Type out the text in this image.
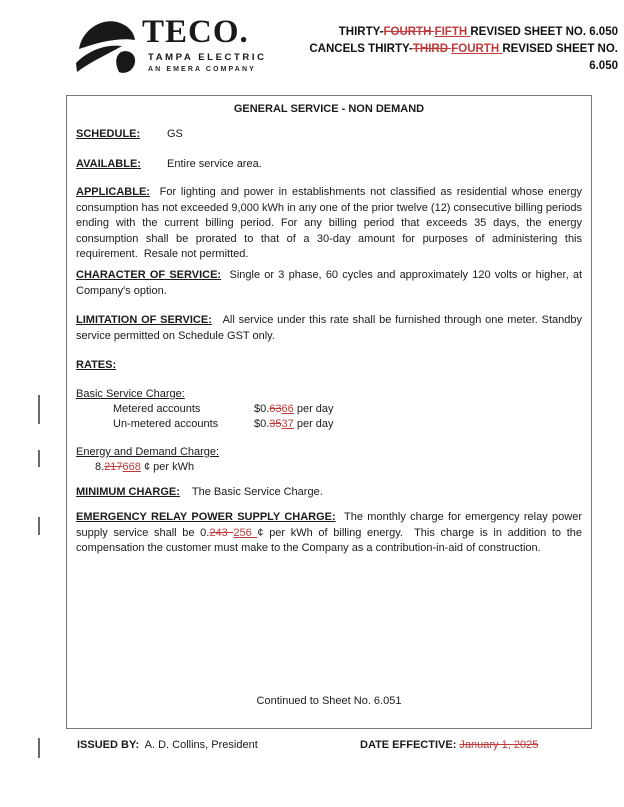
TECO.
TAMPA ELECTRIC
AN EMERA COMPANY
THIRTY-FOURTH FIFTH REVISED SHEET NO. 6.050
CANCELS THIRTY-THIRD FOURTH REVISED SHEET NO.
6.050
GENERAL SERVICE - NON DEMAND
SCHEDULE: GS
AVAILABLE: Entire service area.
APPLICABLE:  For lighting and power in establishments not classified as residential whose energy consumption has not exceeded 9,000 kWh in any one of the prior twelve (12) consecutive billing periods ending with the current billing period. For any billing period that exceeds 35 days, the energy consumption shall be prorated to that of a 30-day amount for purposes of administering this requirement.  Resale not permitted.
CHARACTER OF SERVICE:  Single or 3 phase, 60 cycles and approximately 120 volts or higher, at Company's option.
LIMITATION OF SERVICE:   All service under this rate shall be furnished through one meter. Standby service permitted on Schedule GST only.
RATES:
Basic Service Charge:
Metered accounts	$0.6366 per day
Un-metered accounts	$0.3537 per day
Energy and Demand Charge:
8.217668 ¢ per kWh
MINIMUM CHARGE:    The Basic Service Charge.
EMERGENCY RELAY POWER SUPPLY CHARGE:  The monthly charge for emergency relay power supply service shall be 0.243 256 ¢ per kWh of billing energy.  This charge is in addition to the compensation the customer must make to the Company as a contribution-in-aid of construction.
Continued to Sheet No. 6.051
ISSUED BY:  A. D. Collins, President	DATE EFFECTIVE: January 1, 2025
